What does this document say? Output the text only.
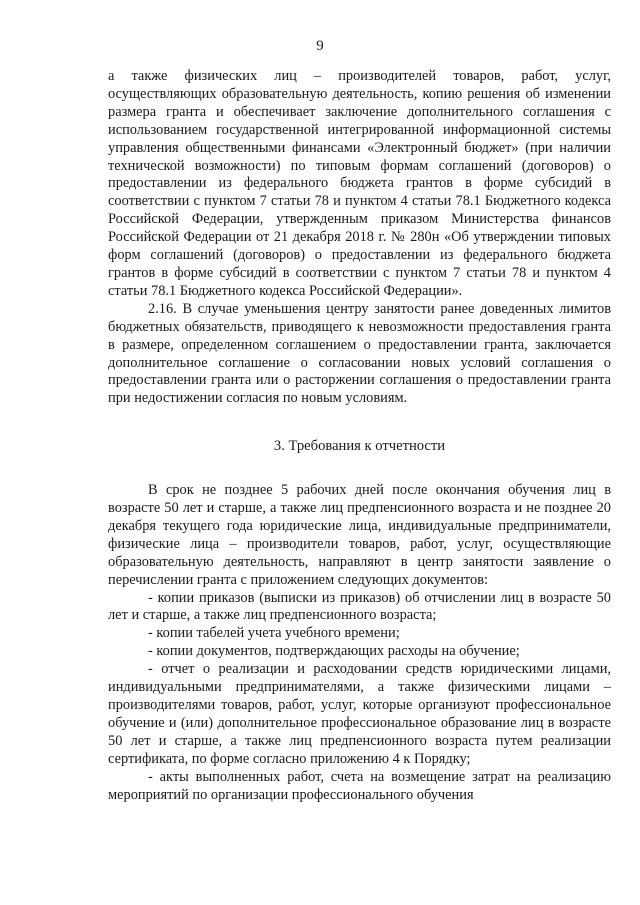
9

а также физических лиц – производителей товаров, работ, услуг, осуществляющих образовательную деятельность, копию решения об изменении размера гранта и обеспечивает заключение дополнительного соглашения с использованием государственной интегрированной информационной системы управления общественными финансами «Электронный бюджет» (при наличии технической возможности) по типовым формам соглашений (договоров) о предоставлении из федерального бюджета грантов в форме субсидий в соответствии с пунктом 7 статьи 78 и пунктом 4 статьи 78.1 Бюджетного кодекса Российской Федерации, утвержденным приказом Министерства финансов Российской Федерации от 21 декабря 2018 г. № 280н «Об утверждении типовых форм соглашений (договоров) о предоставлении из федерального бюджета грантов в форме субсидий в соответствии с пунктом 7 статьи 78 и пунктом 4 статьи 78.1 Бюджетного кодекса Российской Федерации».

2.16. В случае уменьшения центру занятости ранее доведенных лимитов бюджетных обязательств, приводящего к невозможности предоставления гранта в размере, определенном соглашением о предоставлении гранта, заключается дополнительное соглашение о согласовании новых условий соглашения о предоставлении гранта или о расторжении соглашения о предоставлении гранта при недостижении согласия по новым условиям.

3. Требования к отчетности

В срок не позднее 5 рабочих дней после окончания обучения лиц в возрасте 50 лет и старше, а также лиц предпенсионного возраста и не позднее 20 декабря текущего года юридические лица, индивидуальные предприниматели, физические лица – производители товаров, работ, услуг, осуществляющие образовательную деятельность, направляют в центр занятости заявление о перечислении гранта с приложением следующих документов:

- копии приказов (выписки из приказов) об отчислении лиц в возрасте 50 лет и старше, а также лиц предпенсионного возраста;

- копии табелей учета учебного времени;

- копии документов, подтверждающих расходы на обучение;

- отчет о реализации и расходовании средств юридическими лицами, индивидуальными предпринимателями, а также физическими лицами – производителями товаров, работ, услуг, которые организуют профессиональное обучение и (или) дополнительное профессиональное образование лиц в возрасте 50 лет и старше, а также лиц предпенсионного возраста путем реализации сертификата, по форме согласно приложению 4 к Порядку;

- акты выполненных работ, счета на возмещение затрат на реализацию мероприятий по организации профессионального обучения
